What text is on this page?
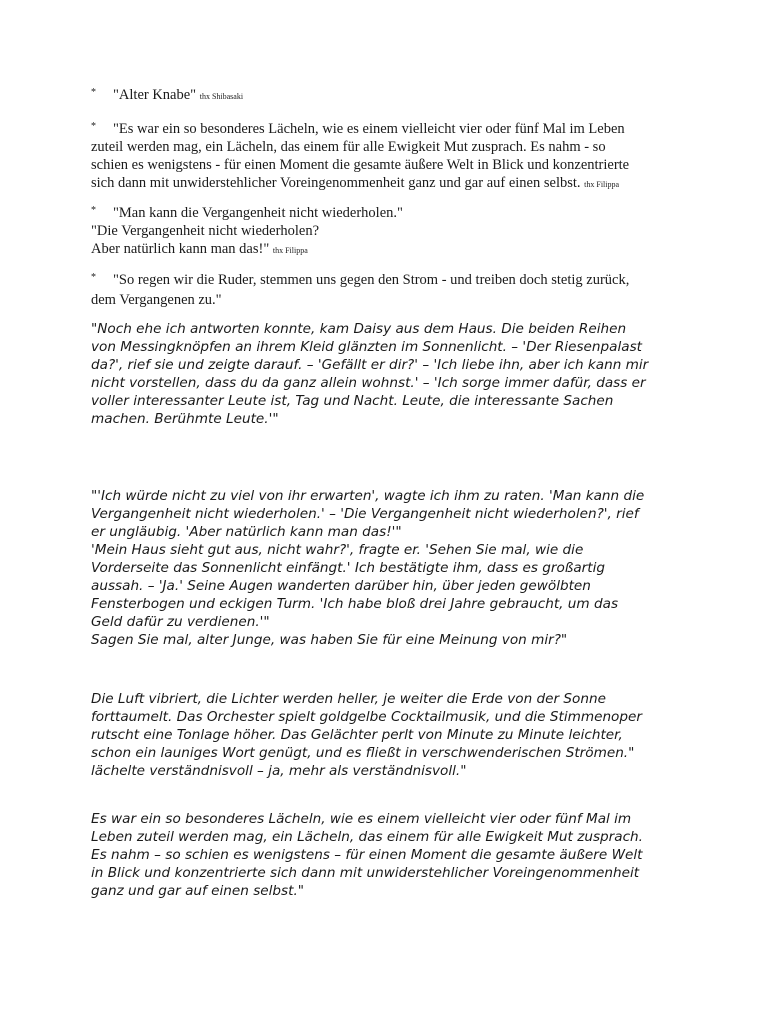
* "Alter Knabe" thx Shibasaki
* "Es war ein so besonderes Lächeln, wie es einem vielleicht vier oder fünf Mal im Leben
zuteil werden mag, ein Lächeln, das einem für alle Ewigkeit Mut zusprach. Es nahm - so
schien es wenigstens - für einen Moment die gesamte äußere Welt in Blick und konzentrierte
sich dann mit unwiderstehlicher Voreingenommenheit ganz und gar auf einen selbst. thx Filippa
* "Man kann die Vergangenheit nicht wiederholen."
"Die Vergangenheit nicht wiederholen?
Aber natürlich kann man das!" thx Filippa
* "So regen wir die Ruder, stemmen uns gegen den Strom - und treiben doch stetig zurück,
dem Vergangenen zu."
"Noch ehe ich antworten konnte, kam Daisy aus dem Haus. Die beiden Reihen
von Messingknöpfen an ihrem Kleid glänzten im Sonnenlicht. – 'Der Riesenpalast
da?', rief sie und zeigte darauf. – 'Gefällt er dir?' – 'Ich liebe ihn, aber ich kann mir
nicht vorstellen, dass du da ganz allein wohnst.' – 'Ich sorge immer dafür, dass er
voller interessanter Leute ist, Tag und Nacht. Leute, die interessante Sachen
machen. Berühmte Leute.'"
"'Ich würde nicht zu viel von ihr erwarten', wagte ich ihm zu raten. 'Man kann die
Vergangenheit nicht wiederholen.' – 'Die Vergangenheit nicht wiederholen?', rief
er ungläubig. 'Aber natürlich kann man das!'"
'Mein Haus sieht gut aus, nicht wahr?', fragte er. 'Sehen Sie mal, wie die
Vorderseite das Sonnenlicht einfängt.' Ich bestätigte ihm, dass es großartig
aussah. – 'Ja.' Seine Augen wanderten darüber hin, über jeden gewölbten
Fensterbogen und eckigen Turm. 'Ich habe bloß drei Jahre gebraucht, um das
Geld dafür zu verdienen.'"
Sagen Sie mal, alter Junge, was haben Sie für eine Meinung von mir?"
Die Luft vibriert, die Lichter werden heller, je weiter die Erde von der Sonne
forttaumelt. Das Orchester spielt goldgelbe Cocktailmusik, und die Stimmenoper
rutscht eine Tonlage höher. Das Gelächter perlt von Minute zu Minute leichter,
schon ein launiges Wort genügt, und es fließt in verschwenderischen Strömen."
lächelte verständnisvoll – ja, mehr als verständnisvoll."
Es war ein so besonderes Lächeln, wie es einem vielleicht vier oder fünf Mal im
Leben zuteil werden mag, ein Lächeln, das einem für alle Ewigkeit Mut zusprach.
Es nahm – so schien es wenigstens – für einen Moment die gesamte äußere Welt
in Blick und konzentrierte sich dann mit unwiderstehlicher Voreingenommenheit
ganz und gar auf einen selbst."
